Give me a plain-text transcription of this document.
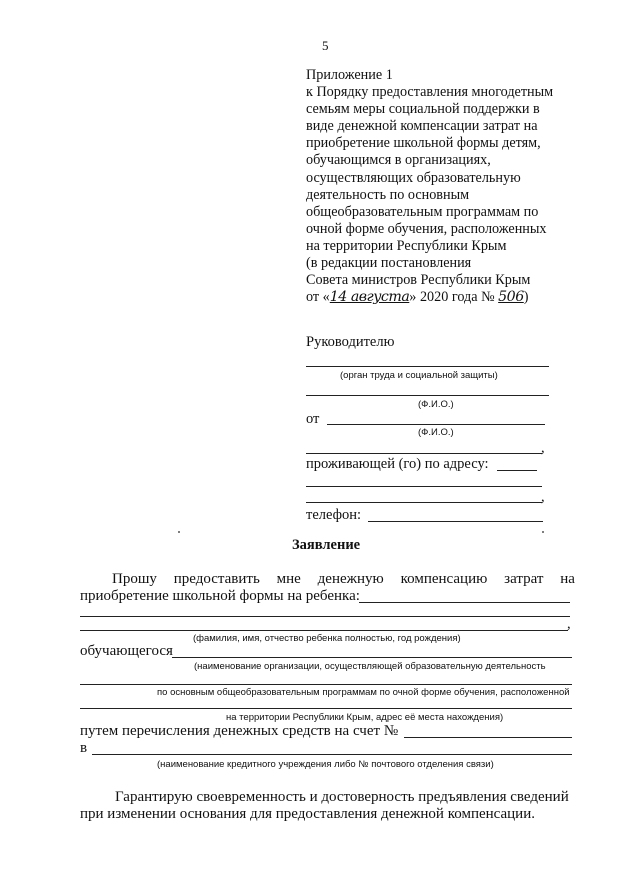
5
Приложение 1
к Порядку предоставления многодетным
семьям меры социальной поддержки в
виде денежной компенсации затрат на
приобретение школьной формы детям,
обучающимся в организациях,
осуществляющих образовательную
деятельность по основным
общеобразовательным программам по
очной форме обучения, расположенных
на территории Республики Крым
(в редакции постановления
Совета министров Республики Крым
от «14 августа» 2020 года № 506)
Руководителю
(орган труда и социальной защиты)
(Ф.И.О.)
от
(Ф.И.О.)
,
проживающей (го) по адресу:
,
телефон:
Заявление
Прошу предоставить мне денежную компенсацию затрат на
приобретение школьной формы на ребенка:
,
(фамилия, имя, отчество ребенка полностью, год рождения)
обучающегося
(наименование организации, осуществляющей образовательную деятельность
по основным общеобразовательным программам по очной форме обучения, расположенной
на территории Республики Крым, адрес её места нахождения)
путем перечисления денежных средств на счет №
в
(наименование кредитного учреждения либо № почтового отделения связи)
Гарантирую своевременность и достоверность предъявления сведений
при изменении основания для предоставления денежной компенсации.
